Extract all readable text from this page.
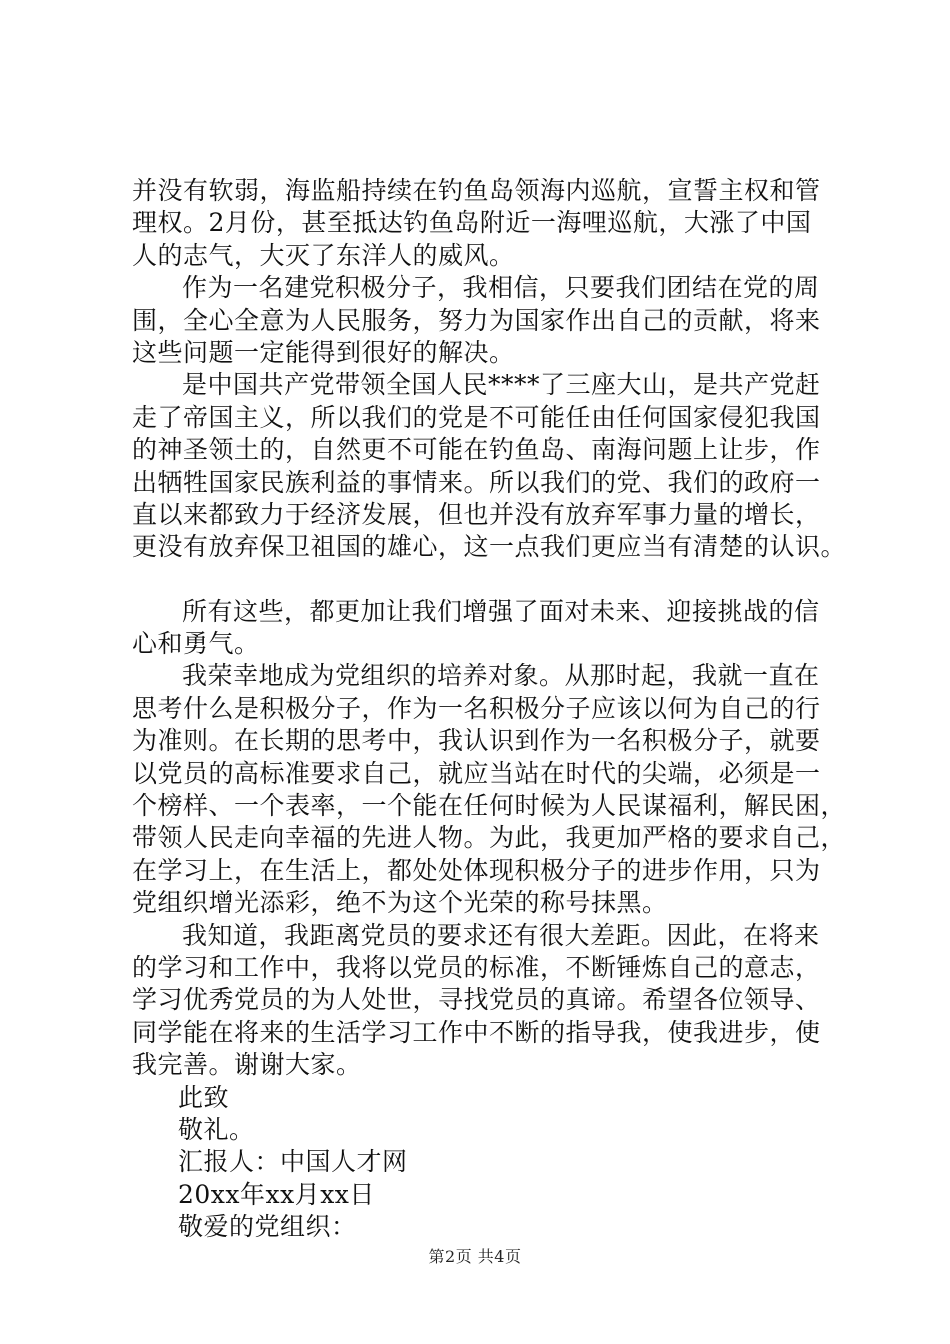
并没有软弱，海监船持续在钓鱼岛领海内巡航，宣誓主权和管
理权。2月份，甚至抵达钓鱼岛附近一海哩巡航，大涨了中国
人的志气，大灭了东洋人的威风。
作为一名建党积极分子，我相信，只要我们团结在党的周
围，全心全意为人民服务，努力为国家作出自己的贡献，将来
这些问题一定能得到很好的解决。
是中国共产党带领全国人民****了三座大山，是共产党赶
走了帝国主义，所以我们的党是不可能任由任何国家侵犯我国
的神圣领土的，自然更不可能在钓鱼岛、南海问题上让步，作
出牺牲国家民族利益的事情来。所以我们的党、我们的政府一
直以来都致力于经济发展，但也并没有放弃军事力量的增长，
更没有放弃保卫祖国的雄心，这一点我们更应当有清楚的认识。
所有这些，都更加让我们增强了面对未来、迎接挑战的信
心和勇气。
我荣幸地成为党组织的培养对象。从那时起，我就一直在
思考什么是积极分子，作为一名积极分子应该以何为自己的行
为准则。在长期的思考中，我认识到作为一名积极分子，就要
以党员的高标准要求自己，就应当站在时代的尖端，必须是一
个榜样、一个表率，一个能在任何时候为人民谋福利，解民困，
带领人民走向幸福的先进人物。为此，我更加严格的要求自己，
在学习上，在生活上，都处处体现积极分子的进步作用，只为
党组织增光添彩，绝不为这个光荣的称号抹黑。
我知道，我距离党员的要求还有很大差距。因此，在将来
的学习和工作中，我将以党员的标准，不断锤炼自己的意志，
学习优秀党员的为人处世，寻找党员的真谛。希望各位领导、
同学能在将来的生活学习工作中不断的指导我，使我进步，使
我完善。谢谢大家。
此致
敬礼。
汇报人：中国人才网
20xx年xx月xx日
敬爱的党组织：
第2页 共4页
